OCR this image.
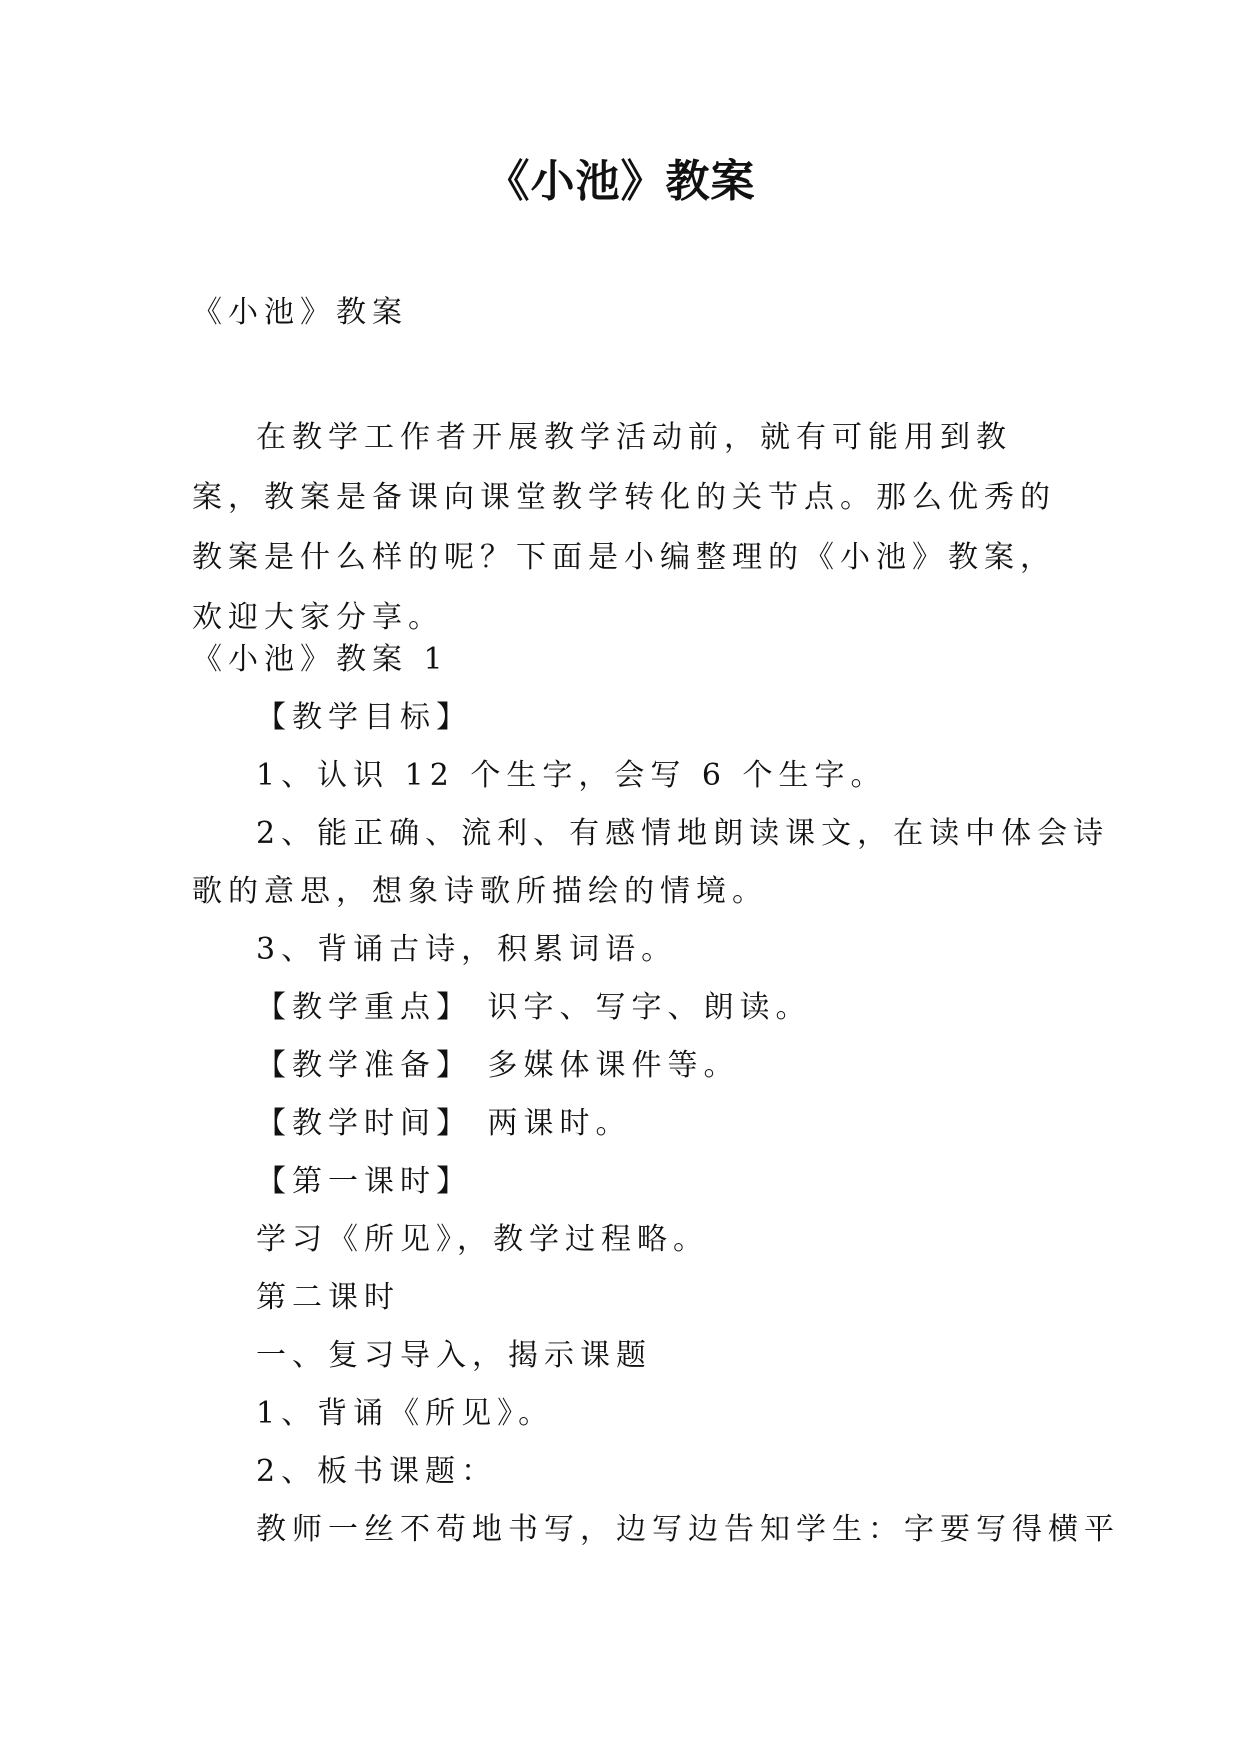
《小池》教案
《小池》教案
在教学工作者开展教学活动前，就有可能用到教案，教案是备课向课堂教学转化的关节点。那么优秀的教案是什么样的呢？下面是小编整理的《小池》教案，欢迎大家分享。
《小池》教案 1
【教学目标】
1、认识 12 个生字，会写 6 个生字。
2、能正确、流利、有感情地朗读课文，在读中体会诗
歌的意思，想象诗歌所描绘的情境。
3、背诵古诗，积累词语。
【教学重点】 识字、写字、朗读。
【教学准备】 多媒体课件等。
【教学时间】 两课时。
【第一课时】
学习《所见》，教学过程略。
第二课时
一、复习导入，揭示课题
1、背诵《所见》。
2、板书课题：
教师一丝不苟地书写，边写边告知学生：字要写得横平
